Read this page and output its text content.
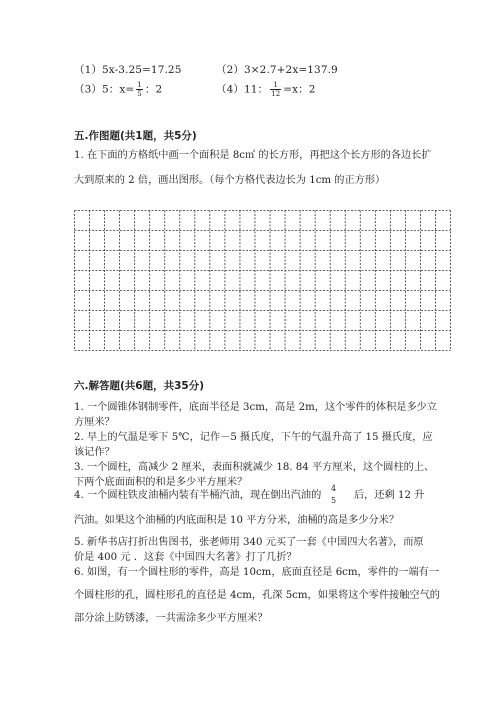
（1）5x-3.25=17.25	（2）3×2.7+2x=137.9
（3）5：$x= \frac{1}{5}$ ：2	（4）11： $\frac{1}{12} =x$：2
五.作图题(共1题，共5分)
1. 在下面的方格纸中画一个面积是 8c㎡ 的长方形，再把这个长方形的各边长扩
大到原来的 2 倍，画出图形。（每个方格代表边长为 1cm 的正方形）
六.解答题(共6题，共35分)
1. 一个圆锥体钢制零件，底面半径是 3cm，高是 2m，这个零件的体积是多少立
方厘米？
2. 早上的气温是零下 5℃，记作－5 摄氏度，下午的气温升高了 15 摄氏度，应
该记作？
3. 一个圆柱，高减少 2 厘米，表面积就减少 18. 84 平方厘米，这个圆柱的上、
下两个底面面积的和是多少平方厘米？
4. 一个圆柱铁皮油桶内装有半桶汽油，现在倒出汽油的
4
5 后，还剩 12 升
汽油。如果这个油桶的内底面积是 10 平方分米，油桶的高是多少分米？
5. 新华书店打折出售图书，张老师用 340 元买了一套《中国四大名著》，而原
价是 400 元 ．这套《中国四大名著》打了几折？
6. 如图，有一个圆柱形的零件，高是 10cm，底面直径是 6cm，零件的一端有一
个圆柱形的孔，圆柱形孔的直径是 4cm，孔深 5cm，如果将这个零件接触空气的
部分涂上防锈漆，一共需涂多少平方厘米？
